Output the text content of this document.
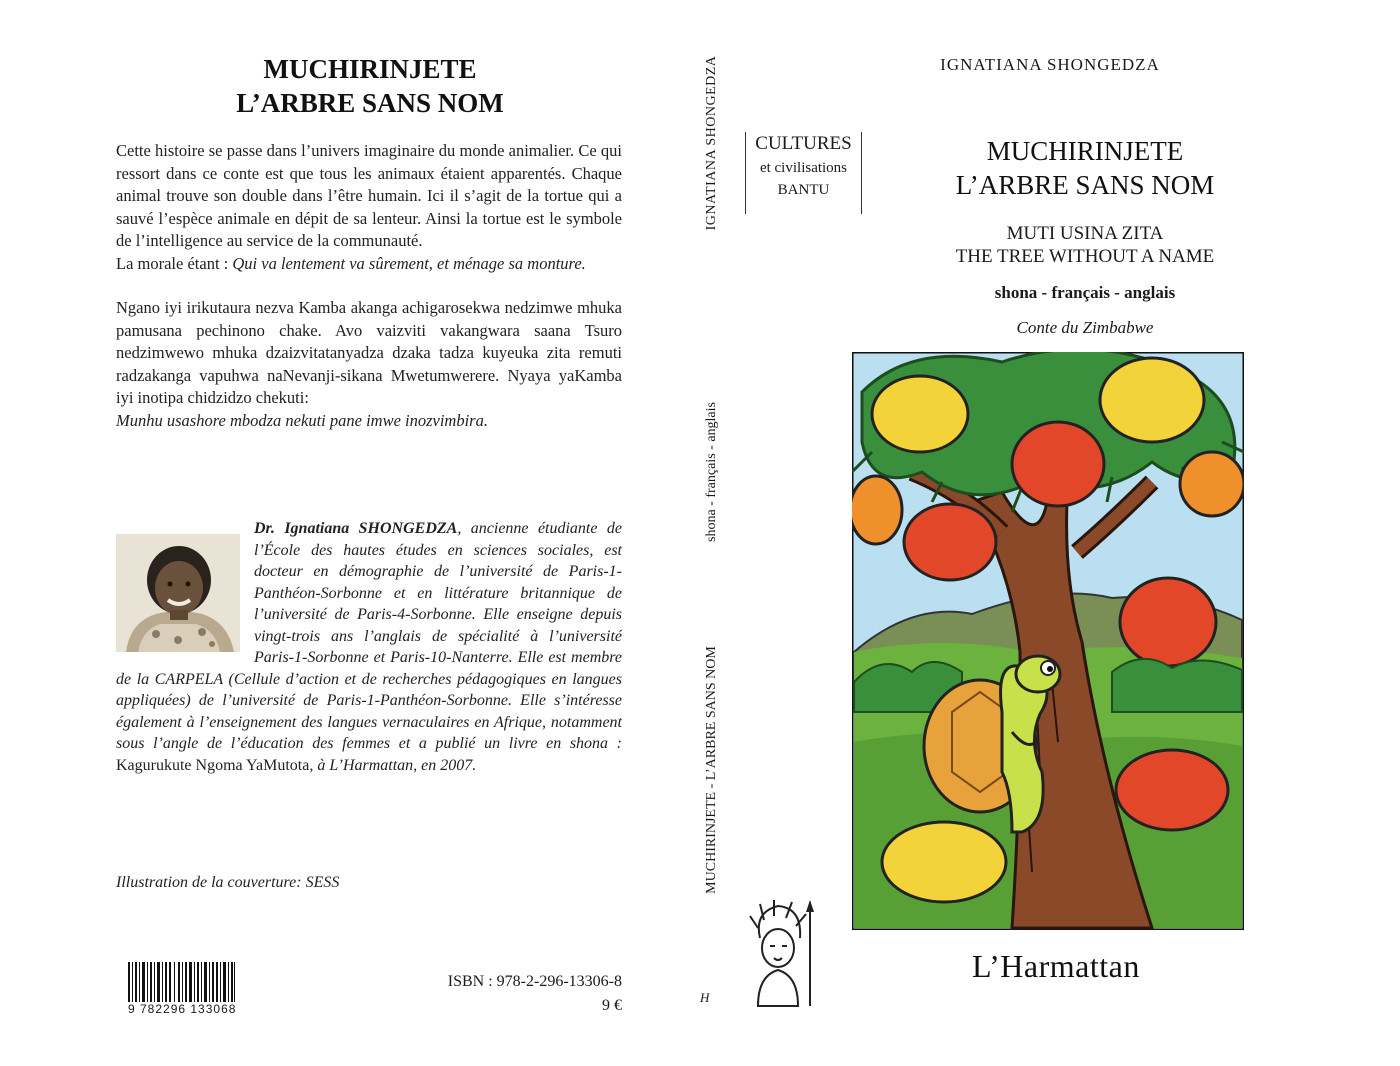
MUCHIRINJETE
L’ARBRE SANS NOM

Cette histoire se passe dans l’univers imaginaire du monde animalier. Ce qui ressort dans ce conte est que tous les animaux étaient apparentés. Chaque animal trouve son double dans l’être humain. Ici il s’agit de la tortue qui a sauvé l’espèce animale en dépit de sa lenteur. Ainsi la tortue est le symbole de l’intelligence au service de la communauté.
La morale étant : Qui va lentement va sûrement, et ménage sa monture.

Ngano iyi irikutaura nezva Kamba akanga achigarosekwa nedzimwe mhuka pamusana pechinono chake. Avo vaizviti vakangwara saana Tsuro nedzimwewo mhuka dzaizvitatanyadza dzaka tadza kuyeuka zita remuti radzakanga vapuhwa naNevanji-sikana Mwetumwerere. Nyaya yaKamba iyi inotipa chidzidzo chekuti:
Munhu usashore mbodza nekuti pane imwe inozvimbira.

Dr. Ignatiana SHONGEDZA, ancienne étudiante de l’École des hautes études en sciences sociales, est docteur en démographie de l’université de Paris-1-Panthéon-Sorbonne et en littérature britannique de l’université de Paris-4-Sorbonne. Elle enseigne depuis vingt-trois ans l’anglais de spécialité à l’université Paris-1-Sorbonne et Paris-10-Nanterre. Elle est membre de la CARPELA (Cellule d’action et de recherches pédagogiques en langues appliquées) de l’université de Paris-1-Panthéon-Sorbonne. Elle s’intéresse également à l’enseignement des langues vernaculaires en Afrique, notamment sous l’angle de l’éducation des femmes et a publié un livre en shona : Kagurukute Ngoma YaMutota, à L’Harmattan, en 2007.
Illustration de la couverture: SESS
9 782296 133068
ISBN : 978-2-296-13306-8
9 €
IGNATIANA SHONGEDZA
shona - français - anglais
MUCHIRINJETE - L’ARBRE SANS NOM
H
IGNATIANA SHONGEDZA
CULTURES
et civilisations
BANTU
MUCHIRINJETE
L’ARBRE SANS NOM
MUTI USINA ZITA
THE TREE WITHOUT A NAME
shona - français - anglais
Conte du Zimbabwe
L’Harmattan
